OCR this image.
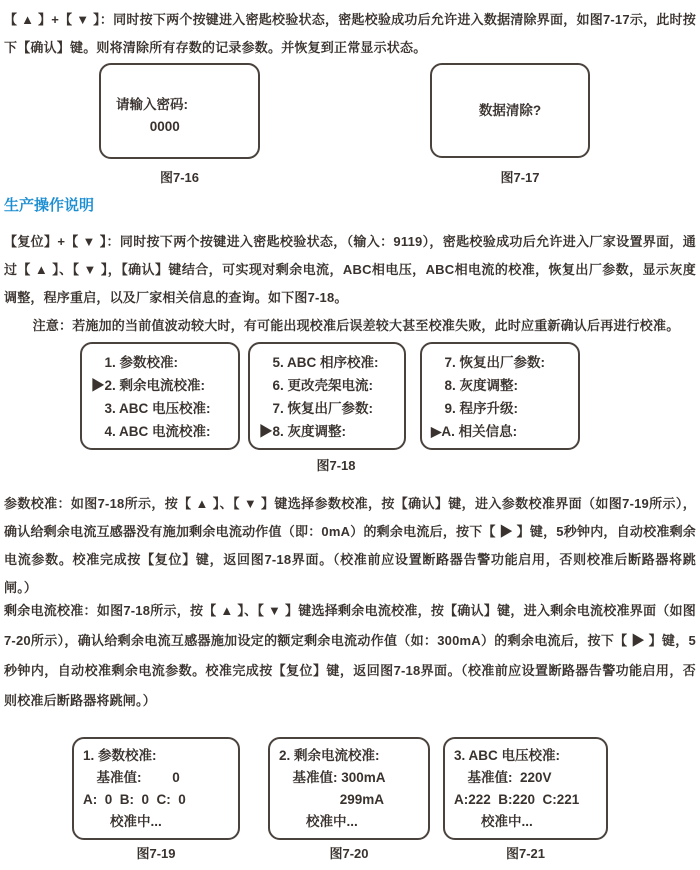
【 ▲ 】+【 ▼ 】：同时按下两个按键进入密匙校验状态，密匙校验成功后允许进入数据清除界面，如图7-17示，此时按下【确认】键。则将清除所有存数的记录参数。并恢复到正常显示状态。

请输入密码:
     0000
图7-16
数据清除?
图7-17
生产操作说明

【复位】+【 ▼ 】：同时按下两个按键进入密匙校验状态，（输入：9119），密匙校验成功后允许进入厂家设置界面，通过【 ▲ 】、【 ▼ 】，【确认】键结合，可实现对剩余电流，ABC相电压，ABC相电流的校准，恢复出厂参数，显示灰度调整，程序重启，以及厂家相关信息的查询。如下图7-18。

注意：若施加的当前值波动较大时，有可能出现校准后误差较大甚至校准失败，此时应重新确认后再进行校准。

  1. 参数校准:
▶2. 剩余电流校准:
  3. ABC 电压校准:
  4. ABC 电流校准:
  5. ABC 相序校准:
  6. 更改壳架电流:
  7. 恢复出厂参数:
▶8. 灰度调整:
  7. 恢复出厂参数:
  8. 灰度调整:
  9. 程序升级:
▶A. 相关信息:
图7-18

参数校准：如图7-18所示，按【 ▲ 】、【 ▼ 】键选择参数校准，按【确认】键，进入参数校准界面（如图7-19所示），确认给剩余电流互感器没有施加剩余电流动作值（即：0mA）的剩余电流后，按下【 ▶ 】键，5秒钟内，自动校准剩余电流参数。校准完成按【复位】键，返回图7-18界面。（校准前应设置断路器告警功能启用，否则校准后断路器将跳闸。）

剩余电流校准：如图7-18所示，按【 ▲ 】、【 ▼ 】键选择剩余电流校准，按【确认】键，进入剩余电流校准界面（如图7-20所示），确认给剩余电流互感器施加设定的额定剩余电流动作值（如：300mA）的剩余电流后，按下【 ▶ 】键，5秒钟内，自动校准剩余电流参数。校准完成按【复位】键，返回图7-18界面。（校准前应设置断路器告警功能启用，否则校准后断路器将跳闸。）

1. 参数校准:
  基准值:     0
A:  0  B:  0  C:  0
    校准中...
2. 剩余电流校准:
  基准值: 300mA
         299mA
    校准中...
3. ABC 电压校准:
  基准值:  220V
A:222  B:220  C:221
    校准中...
图7-19	图7-20	图7-21
